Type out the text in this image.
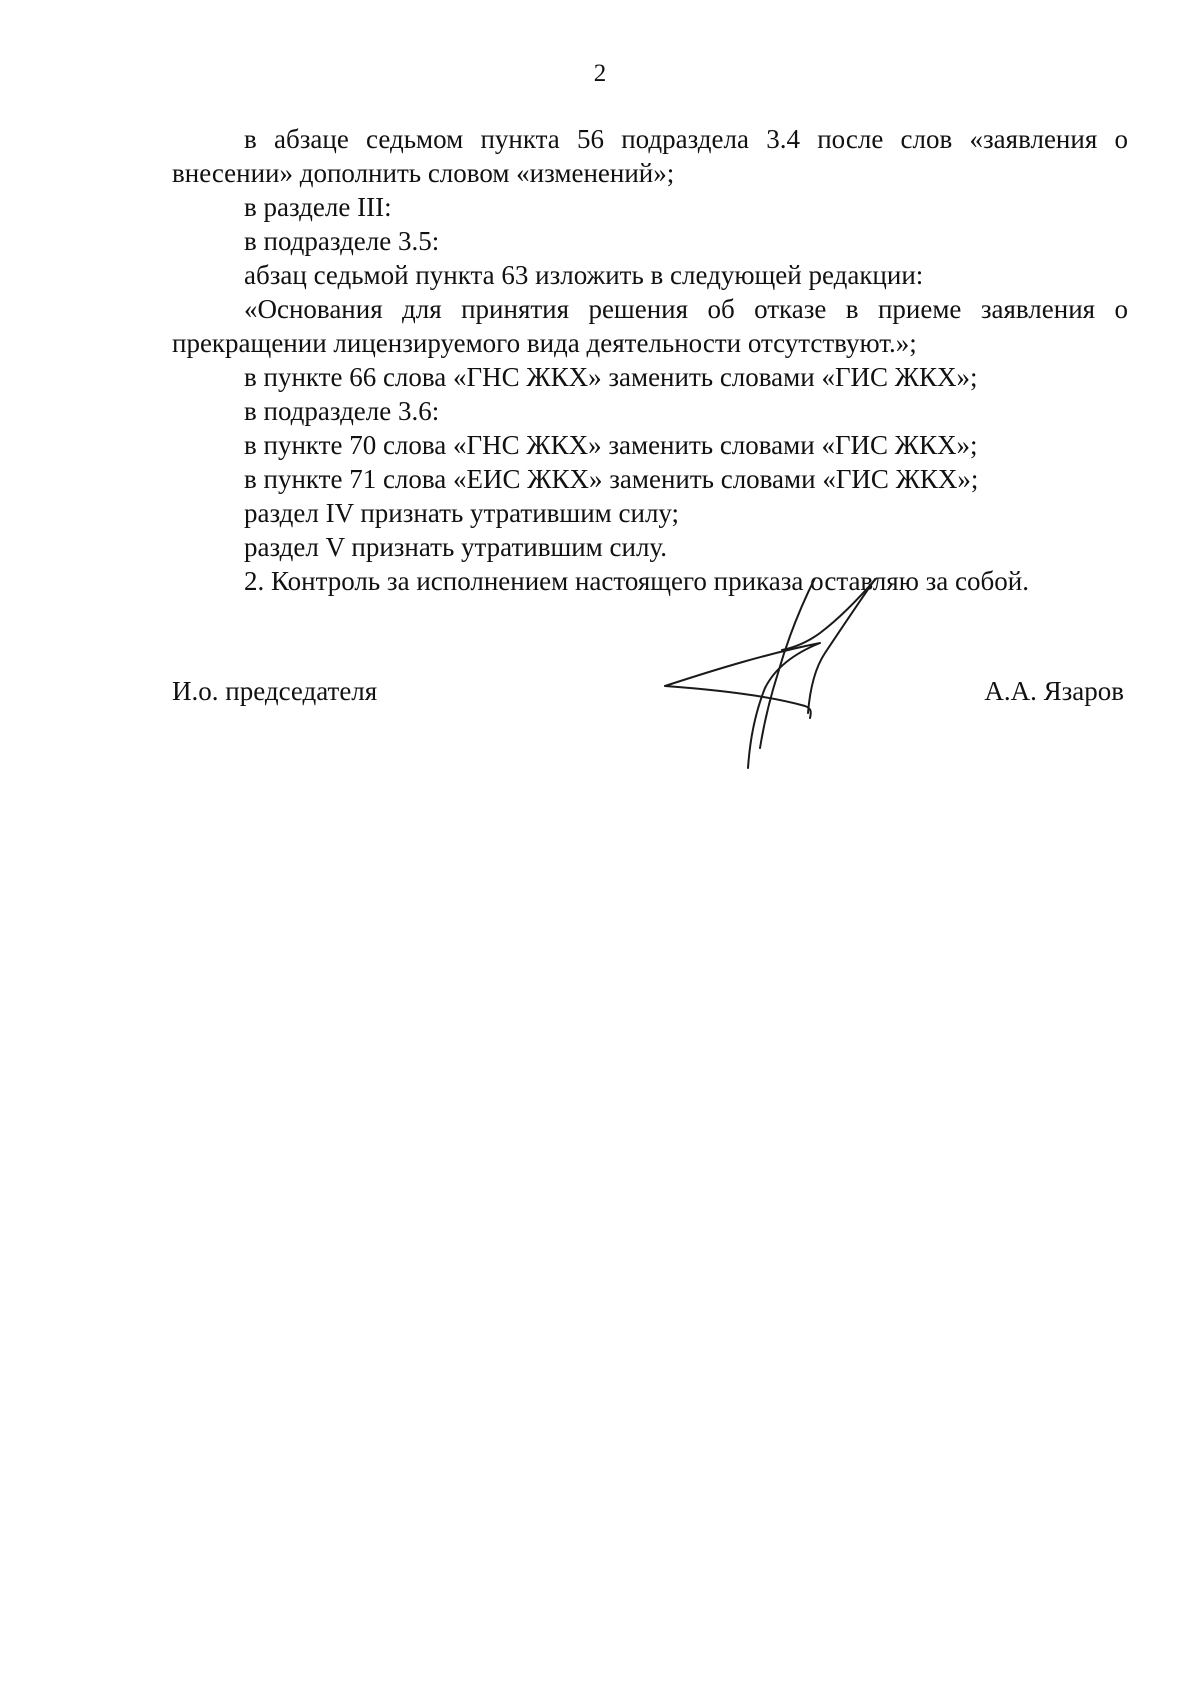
2

в абзаце седьмом пункта 56 подраздела 3.4 после слов «заявления о внесении» дополнить словом «изменений»;

в разделе III:

в подразделе 3.5:

абзац седьмой пункта 63 изложить в следующей редакции:

«Основания для принятия решения об отказе в приеме заявления о прекращении лицензируемого вида деятельности отсутствуют.»;

в пункте 66 слова «ГНС ЖКХ» заменить словами «ГИС ЖКХ»;

в подразделе 3.6:

в пункте 70 слова «ГНС ЖКХ» заменить словами «ГИС ЖКХ»;

в пункте 71 слова «ЕИС ЖКХ» заменить словами «ГИС ЖКХ»;

раздел IV признать утратившим силу;

раздел V признать утратившим силу.

2. Контроль за исполнением настоящего приказа оставляю за собой.

И.о. председателя	А.А. Язаров
